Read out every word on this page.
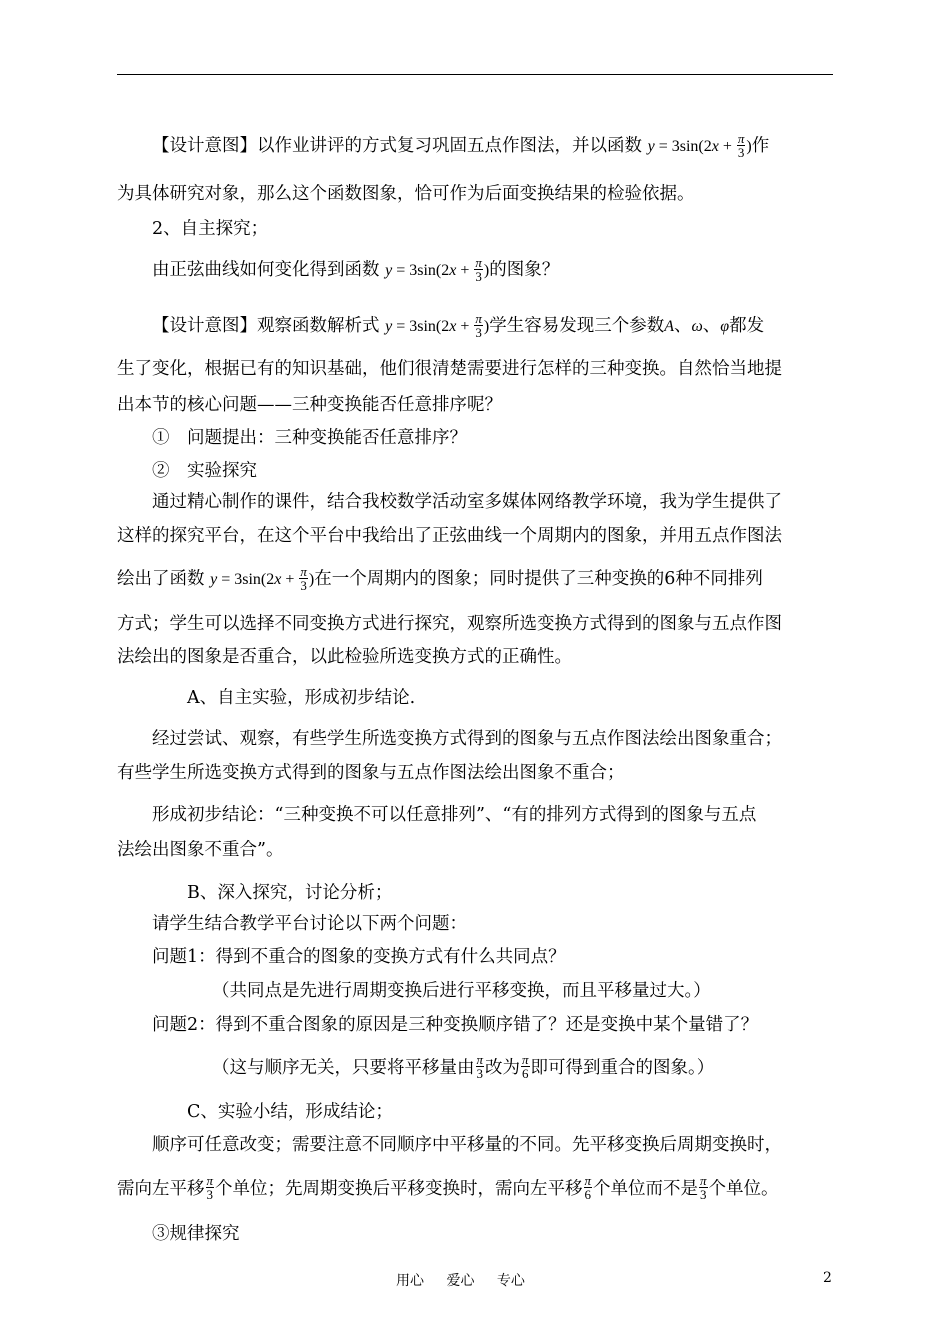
【设计意图】以作业讲评的方式复习巩固五点作图法，并以函数 $y = 3\sin(2x + \frac{\pi}{3}$ )作
为具体研究对象，那么这个函数图象，恰可作为后面变换结果的检验依据。
2、自主探究；
由正弦曲线如何变化得到函数 $y = 3\sin(2x + \frac{\pi}{3}$ )的图象？
【设计意图】观察函数解析式 $y = 3\sin(2x + \frac{\pi}{3}$ )学生容易发现三个参数A、ω、φ都发
生了变化，根据已有的知识基础，他们很清楚需要进行怎样的三种变换。自然恰当地提
出本节的核心问题——三种变换能否任意排序呢？
①　问题提出：三种变换能否任意排序？
②　实验探究
通过精心制作的课件，结合我校数学活动室多媒体网络教学环境，我为学生提供了
这样的探究平台，在这个平台中我给出了正弦曲线一个周期内的图象，并用五点作图法
绘出了函数 $y = 3\sin(2x + \frac{\pi}{3}$ )在一个周期内的图象；同时提供了三种变换的6种不同排列
方式；学生可以选择不同变换方式进行探究，观察所选变换方式得到的图象与五点作图
法绘出的图象是否重合，以此检验所选变换方式的正确性。
A、自主实验，形成初步结论.
经过尝试、观察，有些学生所选变换方式得到的图象与五点作图法绘出图象重合；
有些学生所选变换方式得到的图象与五点作图法绘出图象不重合；
形成初步结论：“三种变换不可以任意排列”、“有的排列方式得到的图象与五点
法绘出图象不重合”。
B、深入探究，讨论分析；
请学生结合教学平台讨论以下两个问题：
问题1：得到不重合的图象的变换方式有什么共同点？
（共同点是先进行周期变换后进行平移变换，而且平移量过大。）
问题2：得到不重合图象的原因是三种变换顺序错了？还是变换中某个量错了？
（这与顺序无关，只要将平移量由 $\frac{\pi}{3}$ 改为 $\frac{\pi}{6}$ 即可得到重合的图象。）
C、实验小结，形成结论；
顺序可任意改变；需要注意不同顺序中平移量的不同。先平移变换后周期变换时，
需向左平移 $\frac{\pi}{3}$ 个单位；先周期变换后平移变换时，需向左平移 $\frac{\pi}{6}$ 个单位而不是 $\frac{\pi}{3}$ 个单位。
③规律探究
用心 爱心 专心	2
